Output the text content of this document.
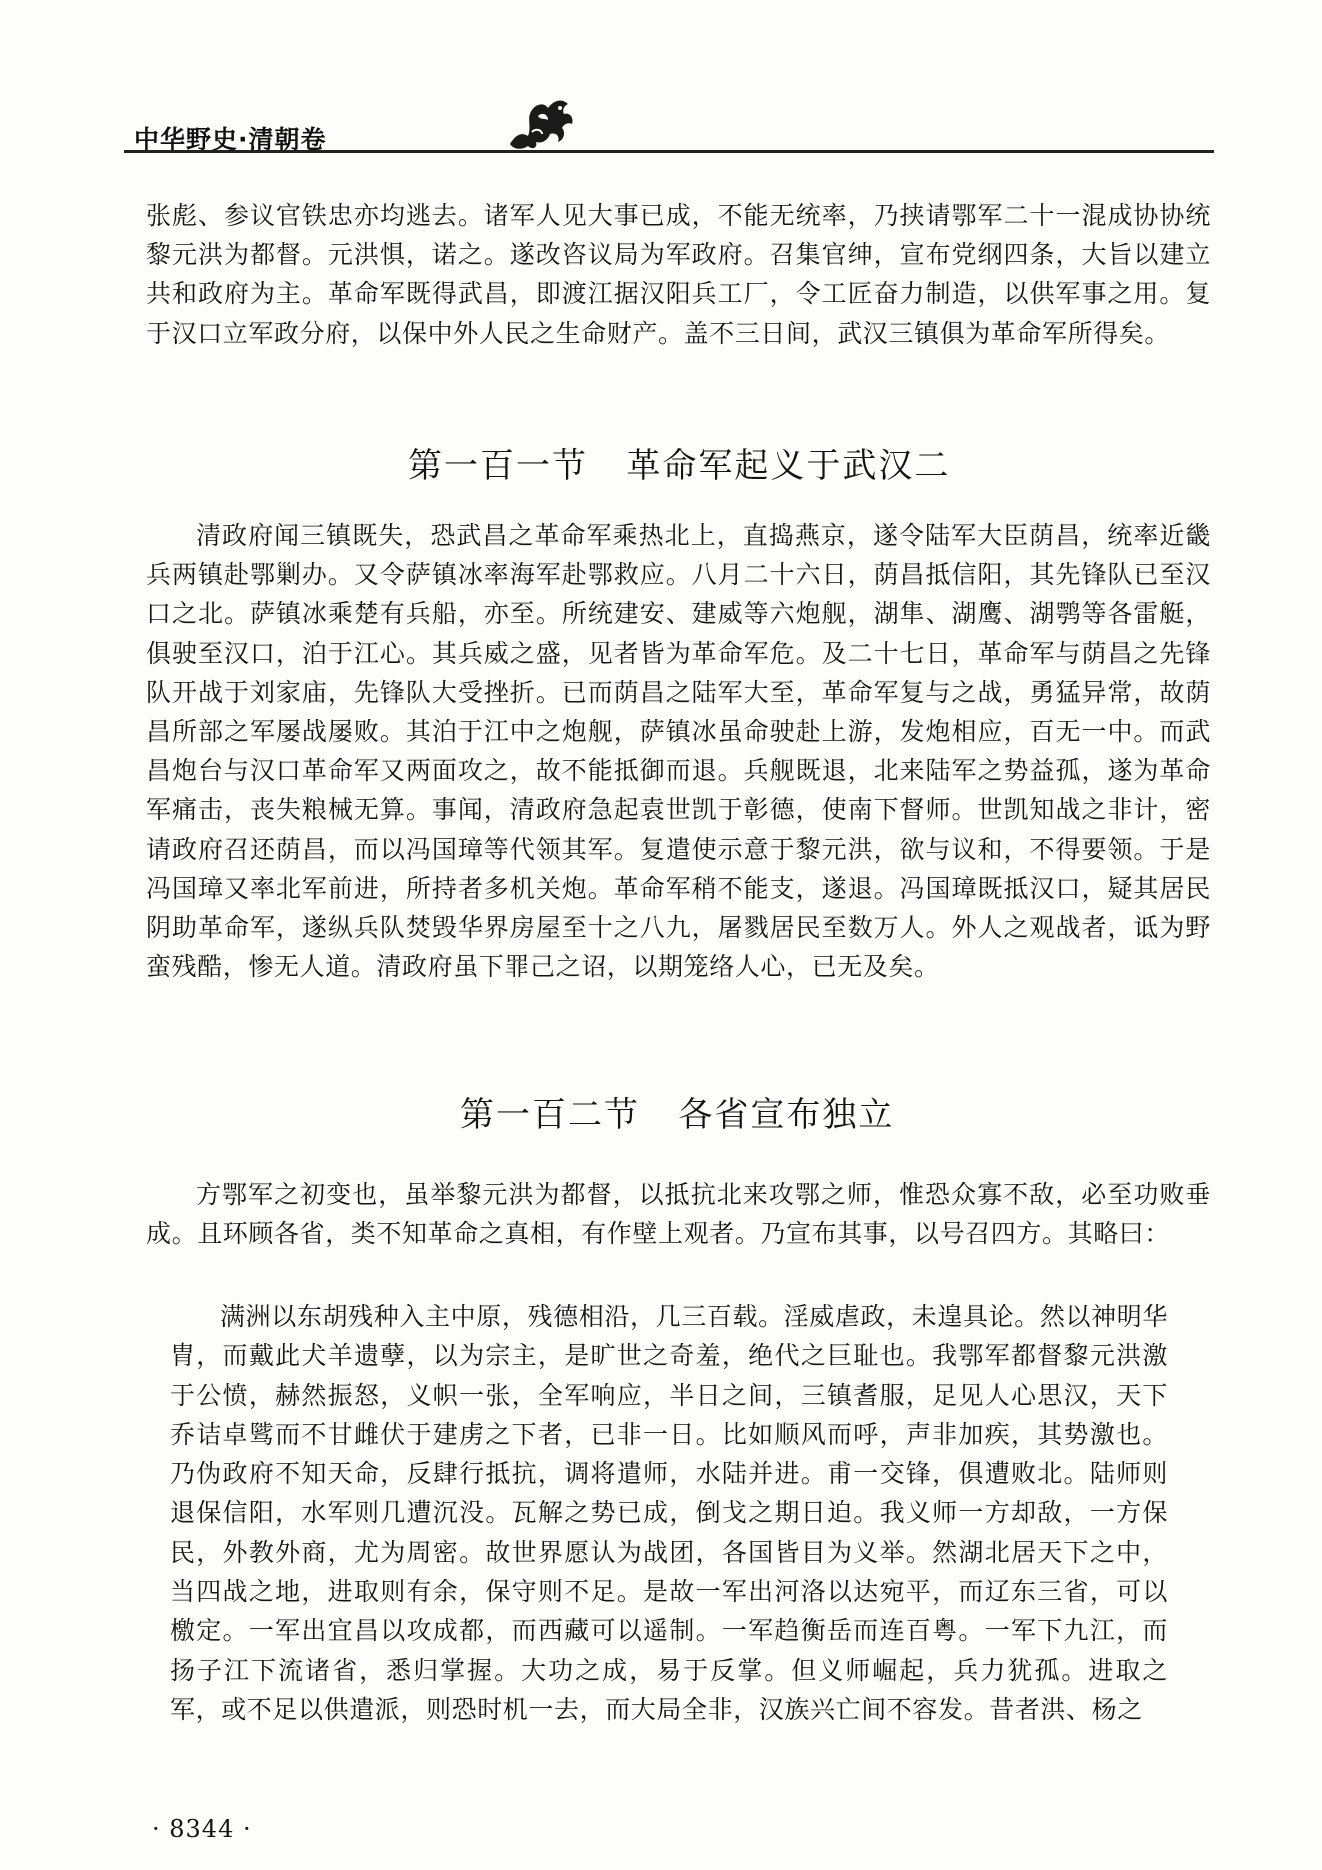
中华野史·清朝卷

张彪、参议官铁忠亦均逃去。诸军人见大事已成，不能无统率，乃挟请鄂军二十一混成协协统黎元洪为都督。元洪惧，诺之。遂改咨议局为军政府。召集官绅，宣布党纲四条，大旨以建立共和政府为主。革命军既得武昌，即渡江据汉阳兵工厂，令工匠奋力制造，以供军事之用。复于汉口立军政分府，以保中外人民之生命财产。盖不三日间，武汉三镇俱为革命军所得矣。

第一百一节   革命军起义于武汉二

清政府闻三镇既失，恐武昌之革命军乘热北上，直捣燕京，遂令陆军大臣荫昌，统率近畿兵两镇赴鄂剿办。又令萨镇冰率海军赴鄂救应。八月二十六日，荫昌抵信阳，其先锋队已至汉口之北。萨镇冰乘楚有兵船，亦至。所统建安、建威等六炮舰，湖隼、湖鹰、湖鹗等各雷艇，俱驶至汉口，泊于江心。其兵威之盛，见者皆为革命军危。及二十七日，革命军与荫昌之先锋队开战于刘家庙，先锋队大受挫折。已而荫昌之陆军大至，革命军复与之战，勇猛异常，故荫昌所部之军屡战屡败。其泊于江中之炮舰，萨镇冰虽命驶赴上游，发炮相应，百无一中。而武昌炮台与汉口革命军又两面攻之，故不能抵御而退。兵舰既退，北来陆军之势益孤，遂为革命军痛击，丧失粮械无算。事闻，清政府急起袁世凯于彰德，使南下督师。世凯知战之非计，密请政府召还荫昌，而以冯国璋等代领其军。复遣使示意于黎元洪，欲与议和，不得要领。于是冯国璋又率北军前进，所持者多机关炮。革命军稍不能支，遂退。冯国璋既抵汉口，疑其居民阴助革命军，遂纵兵队焚毁华界房屋至十之八九，屠戮居民至数万人。外人之观战者，诋为野蛮残酷，惨无人道。清政府虽下罪己之诏，以期笼络人心，已无及矣。

第一百二节   各省宣布独立

方鄂军之初变也，虽举黎元洪为都督，以抵抗北来攻鄂之师，惟恐众寡不敌，必至功败垂成。且环顾各省，类不知革命之真相，有作壁上观者。乃宣布其事，以号召四方。其略曰：

满洲以东胡残种入主中原，残德相沿，几三百载。淫威虐政，未遑具论。然以神明华胄，而戴此犬羊遗孽，以为宗主，是旷世之奇羞，绝代之巨耻也。我鄂军都督黎元洪激于公愤，赫然振怒，义帜一张，全军响应，半日之间，三镇耆服，足见人心思汉，天下乔诘卓骘而不甘雌伏于建虏之下者，已非一日。比如顺风而呼，声非加疾，其势激也。乃伪政府不知天命，反肆行抵抗，调将遣师，水陆并进。甫一交锋，俱遭败北。陆师则退保信阳，水军则几遭沉没。瓦解之势已成，倒戈之期日迫。我义师一方却敌，一方保民，外教外商，尤为周密。故世界愿认为战团，各国皆目为义举。然湖北居天下之中，当四战之地，进取则有余，保守则不足。是故一军出河洛以达宛平，而辽东三省，可以檄定。一军出宜昌以攻成都，而西藏可以遥制。一军趋衡岳而连百粤。一军下九江，而扬子江下流诸省，悉归掌握。大功之成，易于反掌。但义师崛起，兵力犹孤。进取之军，或不足以供遣派，则恐时机一去，而大局全非，汉族兴亡间不容发。昔者洪、杨之

· 8344 ·
